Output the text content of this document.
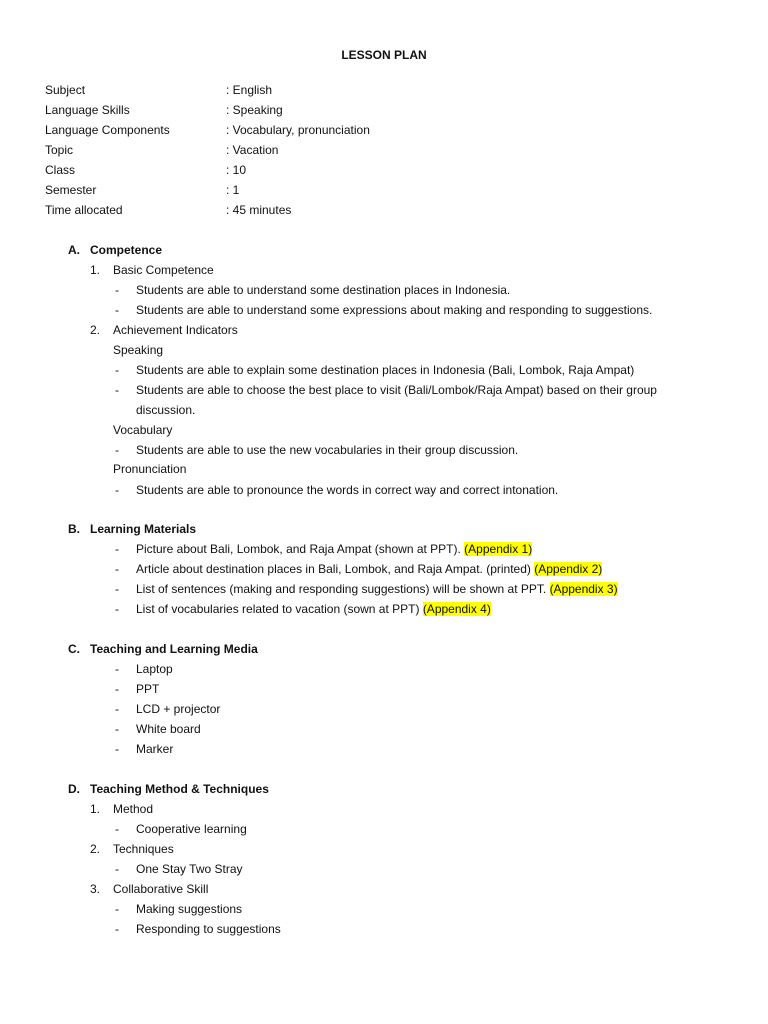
LESSON PLAN
Subject	: English
Language Skills	: Speaking
Language Components	: Vocabulary, pronunciation
Topic	: Vacation
Class	: 10
Semester	: 1
Time allocated	: 45 minutes
A. Competence
1. Basic Competence
- Students are able to understand some destination places in Indonesia.
- Students are able to understand some expressions about making and responding to suggestions.
2. Achievement Indicators
Speaking
- Students are able to explain some destination places in Indonesia (Bali, Lombok, Raja Ampat)
- Students are able to choose the best place to visit (Bali/Lombok/Raja Ampat) based on their group
discussion.
Vocabulary
- Students are able to use the new vocabularies in their group discussion.
Pronunciation
- Students are able to pronounce the words in correct way and correct intonation.
B. Learning Materials
- Picture about Bali, Lombok, and Raja Ampat (shown at PPT). (Appendix 1)
- Article about destination places in Bali, Lombok, and Raja Ampat. (printed) (Appendix 2)
- List of sentences (making and responding suggestions) will be shown at PPT. (Appendix 3)
- List of vocabularies related to vacation (sown at PPT) (Appendix 4)
C. Teaching and Learning Media
- Laptop
- PPT
- LCD + projector
- White board
- Marker
D. Teaching Method & Techniques
1. Method
- Cooperative learning
2. Techniques
- One Stay Two Stray
3. Collaborative Skill
- Making suggestions
- Responding to suggestions
